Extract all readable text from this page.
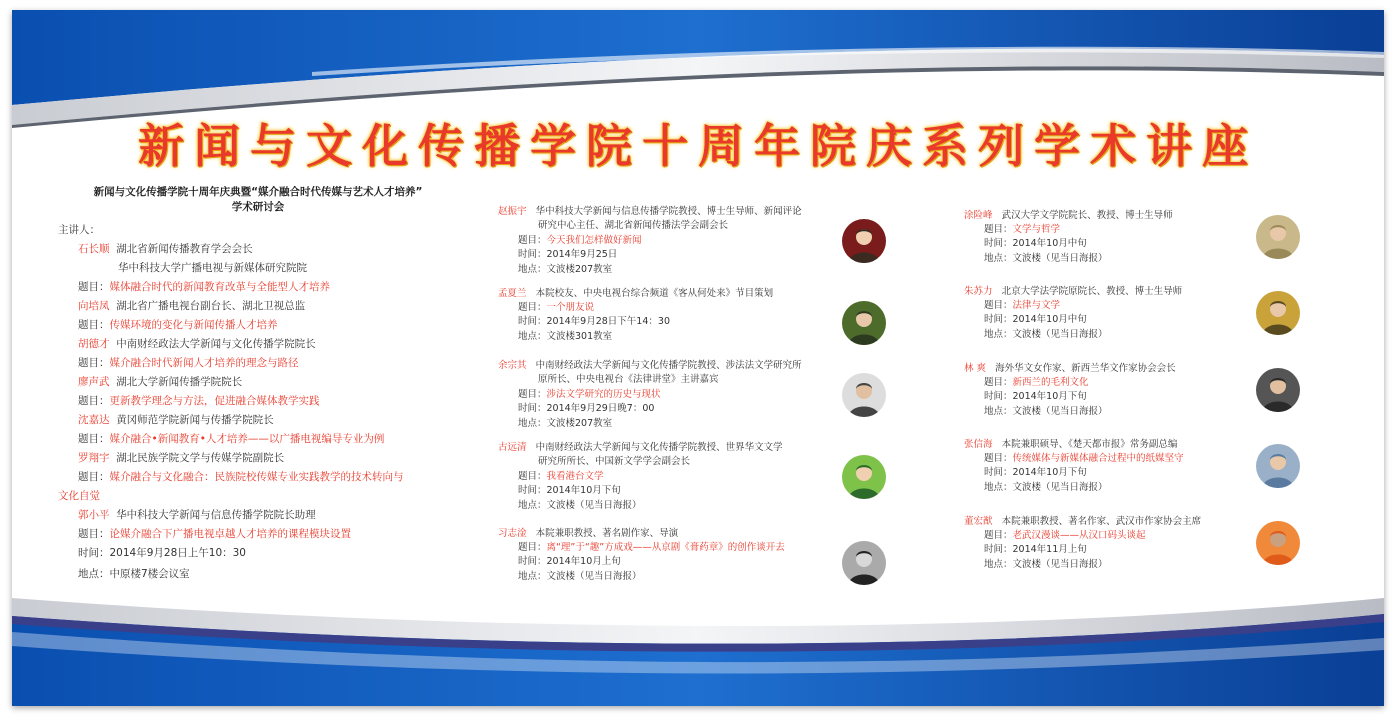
新闻与文化传播学院十周年院庆系列学术讲座
新闻与文化传播学院十周年庆典暨“媒介融合时代传媒与艺术人才培养”
学术研讨会
主讲人：
石长顺 湖北省新闻传播教育学会会长
华中科技大学广播电视与新媒体研究院院
题目：媒体融合时代的新闻教育改革与全能型人才培养
向培凤 湖北省广播电视台副台长、湖北卫视总监
题目：传媒环境的变化与新闻传播人才培养
胡德才 中南财经政法大学新闻与文化传播学院院长
题目：媒介融合时代新闻人才培养的理念与路径
廖声武 湖北大学新闻传播学院院长
题目：更新教学理念与方法，促进融合媒体教学实践
沈嘉达 黄冈师范学院新闻与传播学院院长
题目：媒介融合•新闻教育•人才培养——以广播电视编导专业为例
罗翔宇 湖北民族学院文学与传媒学院副院长
题目：媒介融合与文化融合：民族院校传媒专业实践教学的技术转向与
文化自觉
郭小平 华中科技大学新闻与信息传播学院院长助理
题目：论媒介融合下广播电视卓越人才培养的课程模块设置
时间：2014年9月28日上午10：30
地点：中原楼7楼会议室
赵振宇 华中科技大学新闻与信息传播学院教授、博士生导师、新闻评论
研究中心主任、湖北省新闻传播法学会副会长
题目：今天我们怎样做好新闻
时间：2014年9月25日
地点：文波楼207教室
孟夏兰 本院校友、中央电视台综合频道《客从何处来》节目策划
题目：一个朋友说
时间：2014年9月28日下午14：30
地点：文波楼301教室
余宗其 中南财经政法大学新闻与文化传播学院教授、涉法法文学研究所
原所长、中央电视台《法律讲堂》主讲嘉宾
题目：涉法文学研究的历史与现状
时间：2014年9月29日晚7：00
地点：文波楼207教室
古远清 中南财经政法大学新闻与文化传播学院教授、世界华文文学
研究所所长、中国新文学学会副会长
题目：我看港台文学
时间：2014年10月下旬
地点：文波楼（见当日海报）
习志淦 本院兼职教授、著名剧作家、导演
题目：离“理”于“趣”方成戏——从京剧《膏药章》的创作谈开去
时间：2014年10月上旬
地点：文波楼（见当日海报）
涂险峰 武汉大学文学院院长、教授、博士生导师
题目：文学与哲学
时间：2014年10月中旬
地点：文波楼（见当日海报）
朱苏力 北京大学法学院原院长、教授、博士生导师
题目：法律与文学
时间：2014年10月中旬
地点：文波楼（见当日海报）
林 爽 海外华文女作家、新西兰华文作家协会会长
题目：新西兰的毛利文化
时间：2014年10月下旬
地点：文波楼（见当日海报）
张信海 本院兼职硕导、《楚天都市报》常务副总编
题目：传统媒体与新媒体融合过程中的纸媒坚守
时间：2014年10月下旬
地点：文波楼（见当日海报）
董宏猷 本院兼职教授、著名作家、武汉市作家协会主席
题目：老武汉漫谈——从汉口码头谈起
时间：2014年11月上旬
地点：文波楼（见当日海报）
